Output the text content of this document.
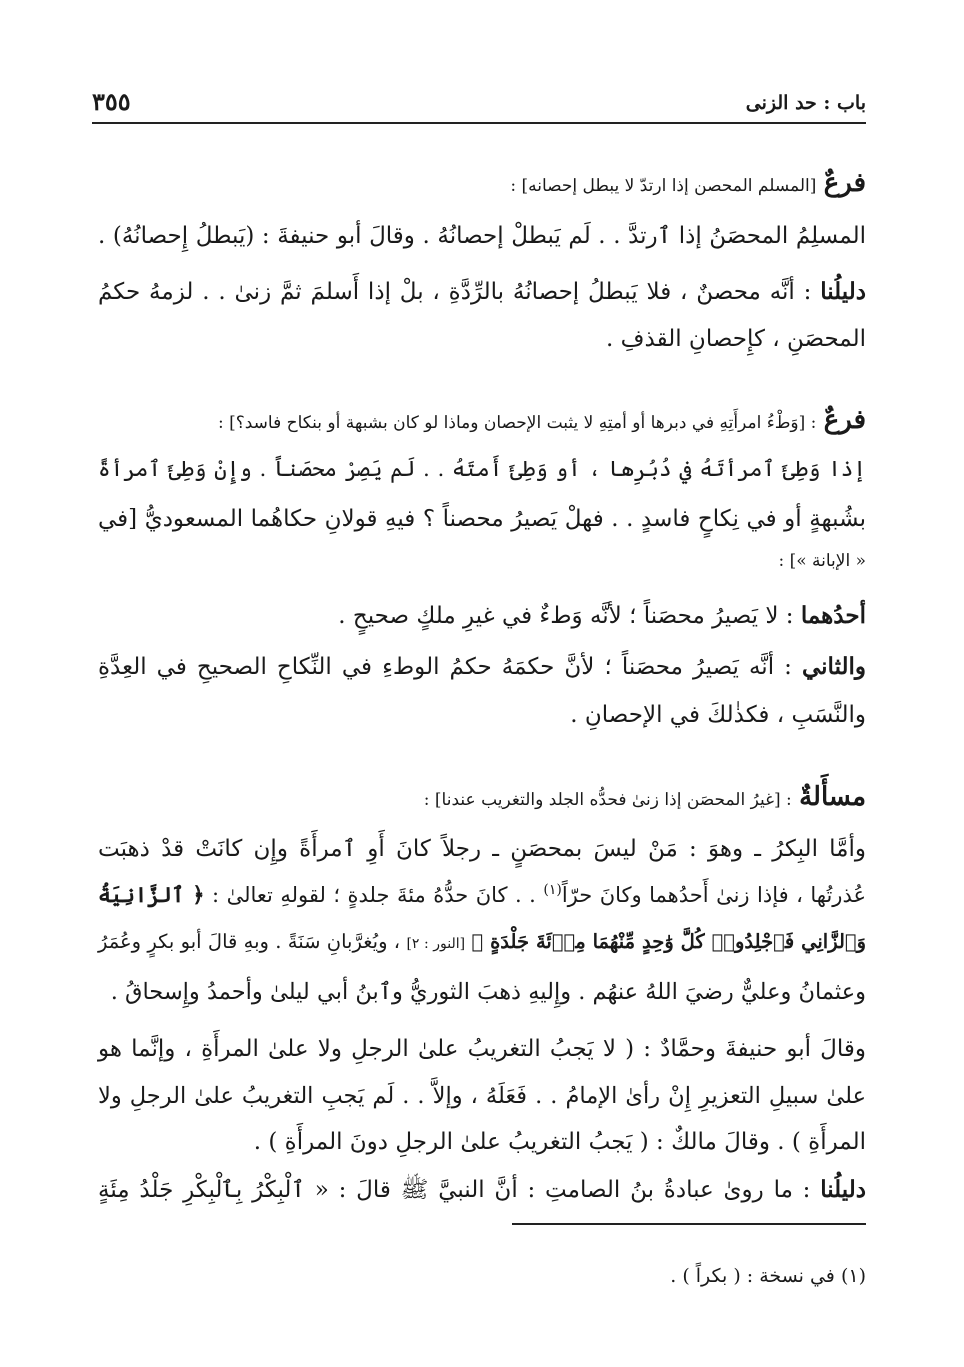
باب : حد الزنى
٣٥٥
فرعٌ [المسلم المحصن إذا ارتدّ لا يبطل إحصانه] :
المسلِمُ المحصَنُ إذا ٱرتدَّ . . لَم يَبطلْ إحصانُهُ . وقالَ أبو حنيفةَ : (يَبطلُ إِحصانُهُ) .
دليلُنا : أنَّه محصنٌ ، فلا يَبطلُ إحصانُهُ بالرِّدَّةِ ، بلْ إذا أَسلمَ ثمَّ زنىٰ . . لزمهُ حكمُ
المحصَنِ ، كإِحصانِ القذفِ .
فرعٌ : [وَطْءُ امرأَتِهِ في دبرها أو أمتِهِ لا يثبت الإحصان وماذا لو كان بشبهة أو بنكاح فاسد؟] :
إذا وَطِئَ ٱمرأتَهُ في دُبُرِها ، أو وَطِئَ أَمتَهُ . . لَم يَصِرْ محصَناً . وإِنْ وَطِئَ ٱمرأةً
بشُبهةٍ أو في نِكاحٍ فاسدٍ . . فهلْ يَصيرُ محصناً ؟ فيهِ قولانِ حكاهُما المسعوديُّ [في
« الإبانة »] :
أحدُهما : لا يَصيرُ محصَناً ؛ لأنَّه وَطءٌ في غيرِ ملكٍ صحيحٍ .
والثاني : أنَّه يَصيرُ محصَناً ؛ لأنَّ حكمَهُ حكمُ الوطءِ في النِّكاحِ الصحيحِ في العِدَّةِ
والنَّسَبِ ، فكذٰلكَ في الإحصانِ .
مسأَلةٌ : [غيرُ المحصَن إذا زنىٰ فحدُّه الجلد والتغريب عندنا] :
وأمَّا البِكرُ ـ وهوَ : مَنْ ليسَ بمحصَنٍ ـ رجلاً كانَ أَوِ ٱمرأَةً وإِن كانَتْ قدْ ذهبَت
عُذرتُها ، فإذا زنىٰ أَحدُهما وكانَ حرّاً$^{(١)}$ . . كانَ حدُّهُ مئةَ جلدةٍ ؛ لقولهِ تعالىٰ : ﴿ ٱلزَّانِيَةُ
وَٱلزَّانِي فَٱجْلِدُوا۟ كُلَّ وَٰحِدٍ مِّنْهُمَا مِا۟ئَةَ جَلْدَةٍ ﴾ [النور : ٢] ، ويُغرَّبانِ سَنَةً . وبهِ قالَ أبو بكرٍ وعُمَرُ
وعثمانُ وعليٌّ رضيَ اللهُ عنهُم . وإِليهِ ذهبَ الثوريُّ وٱبنُ أبي ليلىٰ وأحمدُ وإِسحاقُ .
وقالَ أبو حنيفةَ وحمَّادٌ : ( لا يَجبُ التغريبُ علىٰ الرجلِ ولا علىٰ المرأَةِ ، وإنَّما هو
علىٰ سبيلِ التعزيرِ إِنْ رأىٰ الإمامُ . . فَعَلَهُ ، وإلاَّ . . لَم يَجبِ التغريبُ علىٰ الرجلِ ولا
المرأَةِ ) . وقالَ مالكٌ : ( يَجبُ التغريبُ علىٰ الرجلِ دونَ المرأَةِ ) .
دليلُنا : ما روىٰ عبادةُ بنُ الصامتِ : أنَّ النبيَّ ﷺ قالَ : « ٱلْبِكْرُ بِٱلْبِكْرِ جَلْدُ مِئَةٍ
(١) في نسخة : ( بكراً ) .
